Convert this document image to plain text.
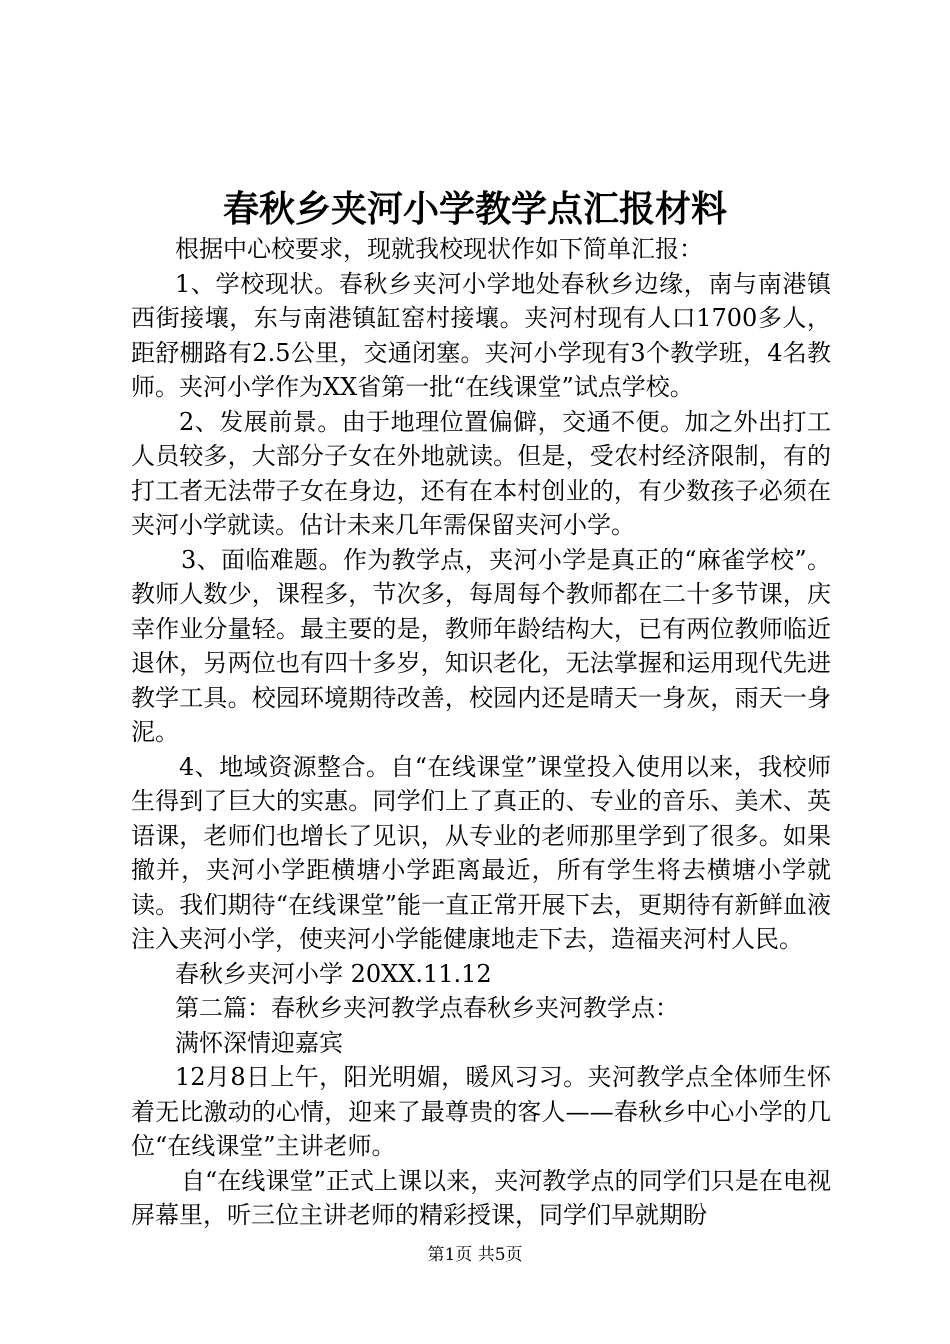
春秋乡夹河小学教学点汇报材料

根据中心校要求，现就我校现状作如下简单汇报：

1、学校现状。春秋乡夹河小学地处春秋乡边缘，南与南港镇西街接壤，东与南港镇缸窑村接壤。夹河村现有人口1700多人，距舒棚路有2.5公里，交通闭塞。夹河小学现有3个教学班，4名教师。夹河小学作为XX省第一批“在线课堂”试点学校。

2、发展前景。由于地理位置偏僻，交通不便。加之外出打工人员较多，大部分子女在外地就读。但是，受农村经济限制，有的打工者无法带子女在身边，还有在本村创业的，有少数孩子必须在夹河小学就读。估计未来几年需保留夹河小学。

3、面临难题。作为教学点，夹河小学是真正的“麻雀学校”。教师人数少，课程多，节次多，每周每个教师都在二十多节课，庆幸作业分量轻。最主要的是，教师年龄结构大，已有两位教师临近退休，另两位也有四十多岁，知识老化，无法掌握和运用现代先进教学工具。校园环境期待改善，校园内还是晴天一身灰，雨天一身泥。

4、地域资源整合。自“在线课堂”课堂投入使用以来，我校师生得到了巨大的实惠。同学们上了真正的、专业的音乐、美术、英语课，老师们也增长了见识，从专业的老师那里学到了很多。如果撤并，夹河小学距横塘小学距离最近，所有学生将去横塘小学就读。我们期待“在线课堂”能一直正常开展下去，更期待有新鲜血液注入夹河小学，使夹河小学能健康地走下去，造福夹河村人民。

春秋乡夹河小学 20XX.11.12

第二篇：春秋乡夹河教学点春秋乡夹河教学点：

满怀深情迎嘉宾

12月8日上午，阳光明媚，暖风习习。夹河教学点全体师生怀着无比激动的心情，迎来了最尊贵的客人——春秋乡中心小学的几位“在线课堂”主讲老师。

自“在线课堂”正式上课以来，夹河教学点的同学们只是在电视屏幕里，听三位主讲老师的精彩授课，同学们早就期盼

第1页 共5页
